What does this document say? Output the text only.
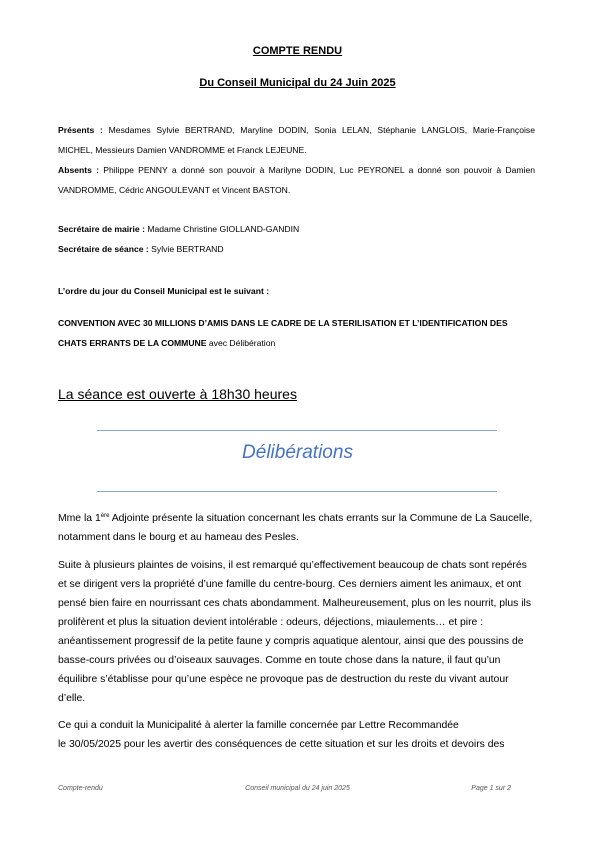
COMPTE RENDU
Du Conseil Municipal du 24 Juin 2025
Présents : Mesdames Sylvie BERTRAND, Maryline DODIN, Sonia LELAN, Stéphanie LANGLOIS, Marie-Françoise MICHEL, Messieurs Damien VANDROMME et Franck LEJEUNE.
Absents : Philippe PENNY a donné son pouvoir à Marilyne DODIN, Luc PEYRONEL a donné son pouvoir à Damien VANDROMME, Cédric ANGOULEVANT et Vincent BASTON.
Secrétaire de mairie : Madame Christine GIOLLAND-GANDIN
Secrétaire de séance : Sylvie BERTRAND
L’ordre du jour du Conseil Municipal est le suivant :
CONVENTION AVEC 30 MILLIONS D’AMIS DANS LE CADRE DE LA STERILISATION ET L’IDENTIFICATION DES CHATS ERRANTS DE LA COMMUNE avec Délibération
La séance est ouverte à 18h30 heures
Délibérations
Mme la 1ère Adjointe présente la situation concernant les chats errants sur la Commune de La Saucelle, notamment dans le bourg et au hameau des Pesles.
Suite à plusieurs plaintes de voisins, il est remarqué qu’effectivement beaucoup de chats sont repérés et se dirigent vers la propriété d’une famille du centre-bourg. Ces derniers aiment les animaux, et ont pensé bien faire en nourrissant ces chats abondamment. Malheureusement, plus on les nourrit, plus ils prolifèrent et plus la situation devient intolérable : odeurs, déjections, miaulements… et pire : anéantissement progressif de la petite faune y compris aquatique alentour, ainsi que des poussins de basse-cours privées ou d’oiseaux sauvages. Comme en toute chose dans la nature, il faut qu’un équilibre s’établisse pour qu’une espèce ne provoque pas de destruction du reste du vivant autour d’elle.
Ce qui a conduit la Municipalité à alerter la famille concernée par Lettre Recommandée
le 30/05/2025 pour les avertir des conséquences de cette situation et sur les droits et devoirs des
Compte-rendu	Conseil municipal du 24 juin 2025	Page 1 sur 2
